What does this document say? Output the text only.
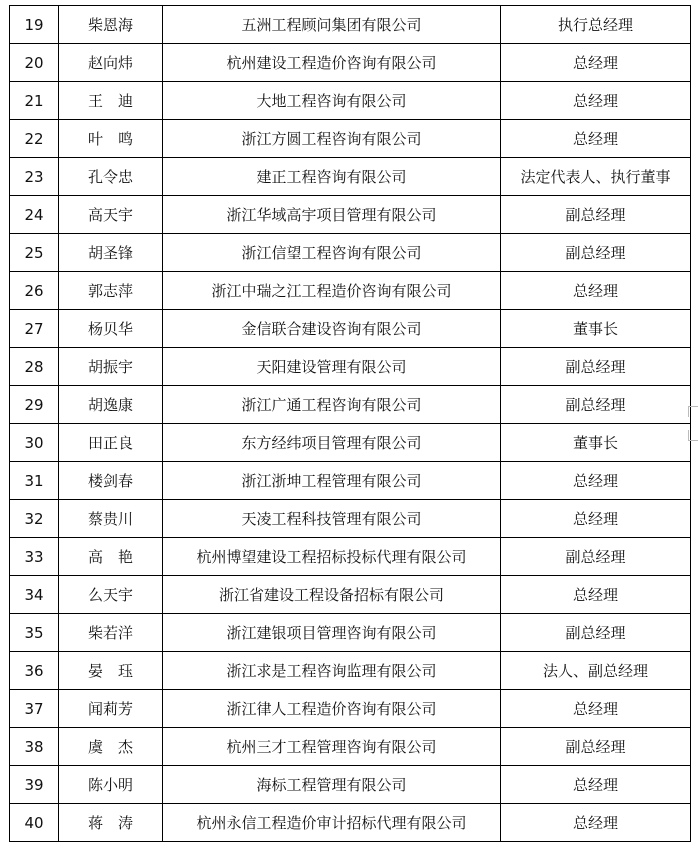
19	柴恩海	五洲工程顾问集团有限公司	执行总经理
20	赵向炜	杭州建设工程造价咨询有限公司	总经理
21	王　迪	大地工程咨询有限公司	总经理
22	叶　鸣	浙江方圆工程咨询有限公司	总经理
23	孔令忠	建正工程咨询有限公司	法定代表人、执行董事
24	高天宇	浙江华域高宇项目管理有限公司	副总经理
25	胡圣锋	浙江信望工程咨询有限公司	副总经理
26	郭志萍	浙江中瑞之江工程造价咨询有限公司	总经理
27	杨贝华	金信联合建设咨询有限公司	董事长
28	胡振宇	天阳建设管理有限公司	副总经理
29	胡逸康	浙江广通工程咨询有限公司	副总经理
30	田正良	东方经纬项目管理有限公司	董事长
31	楼剑春	浙江浙坤工程管理有限公司	总经理
32	蔡贵川	天凌工程科技管理有限公司	总经理
33	高　艳	杭州博望建设工程招标投标代理有限公司	副总经理
34	么天宇	浙江省建设工程设备招标有限公司	总经理
35	柴若洋	浙江建银项目管理咨询有限公司	副总经理
36	晏　珏	浙江求是工程咨询监理有限公司	法人、副总经理
37	闻莉芳	浙江律人工程造价咨询有限公司	总经理
38	虞　杰	杭州三才工程管理咨询有限公司	副总经理
39	陈小明	海标工程管理有限公司	总经理
40	蒋　涛	杭州永信工程造价审计招标代理有限公司	总经理
